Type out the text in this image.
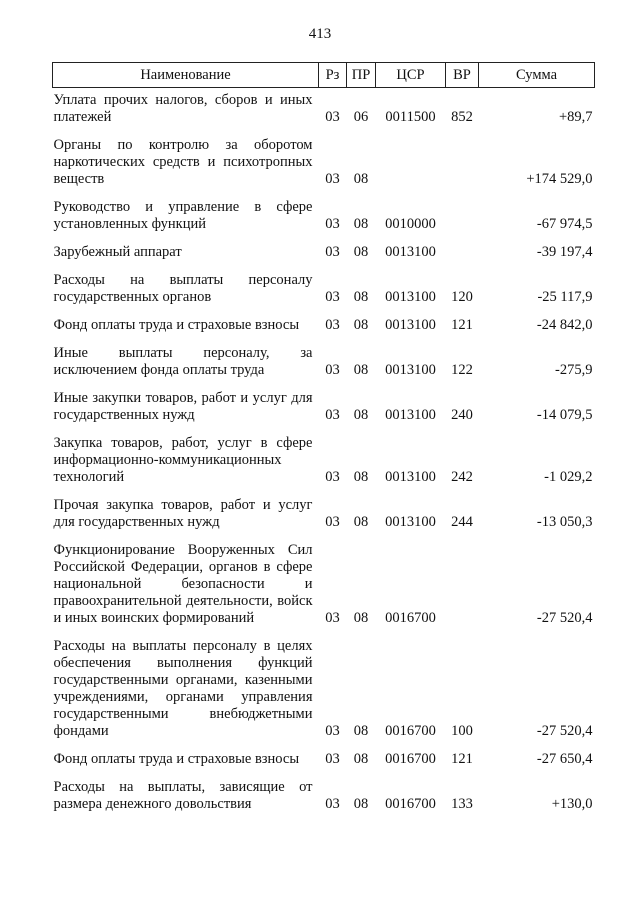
413
Наименование	Рз	ПР	ЦСР	ВР	Сумма
Уплата прочих налогов, сборов и иных платежей	03	06	0011500	852	+89,7
Органы по контролю за оборотом наркотических средств и психотропных веществ	03	08			+174 529,0
Руководство и управление в сфере установленных функций	03	08	0010000		-67 974,5
Зарубежный аппарат	03	08	0013100		-39 197,4
Расходы на выплаты персоналу государственных органов	03	08	0013100	120	-25 117,9
Фонд оплаты труда и страховые взносы	03	08	0013100	121	-24 842,0
Иные выплаты персоналу, за исключением фонда оплаты труда	03	08	0013100	122	-275,9
Иные закупки товаров, работ и услуг для государственных нужд	03	08	0013100	240	-14 079,5
Закупка товаров, работ, услуг в сфере информационно-коммуникационных технологий	03	08	0013100	242	-1 029,2
Прочая закупка товаров, работ и услуг для государственных нужд	03	08	0013100	244	-13 050,3
Функционирование Вооруженных Сил Российской Федерации, органов в сфере национальной безопасности и правоохранительной деятельности, войск и иных воинских формирований	03	08	0016700		-27 520,4
Расходы на выплаты персоналу в целях обеспечения выполнения функций государственными органами, казенными учреждениями, органами управления государственными внебюджетными фондами	03	08	0016700	100	-27 520,4
Фонд оплаты труда и страховые взносы	03	08	0016700	121	-27 650,4
Расходы на выплаты, зависящие от размера денежного довольствия	03	08	0016700	133	+130,0
